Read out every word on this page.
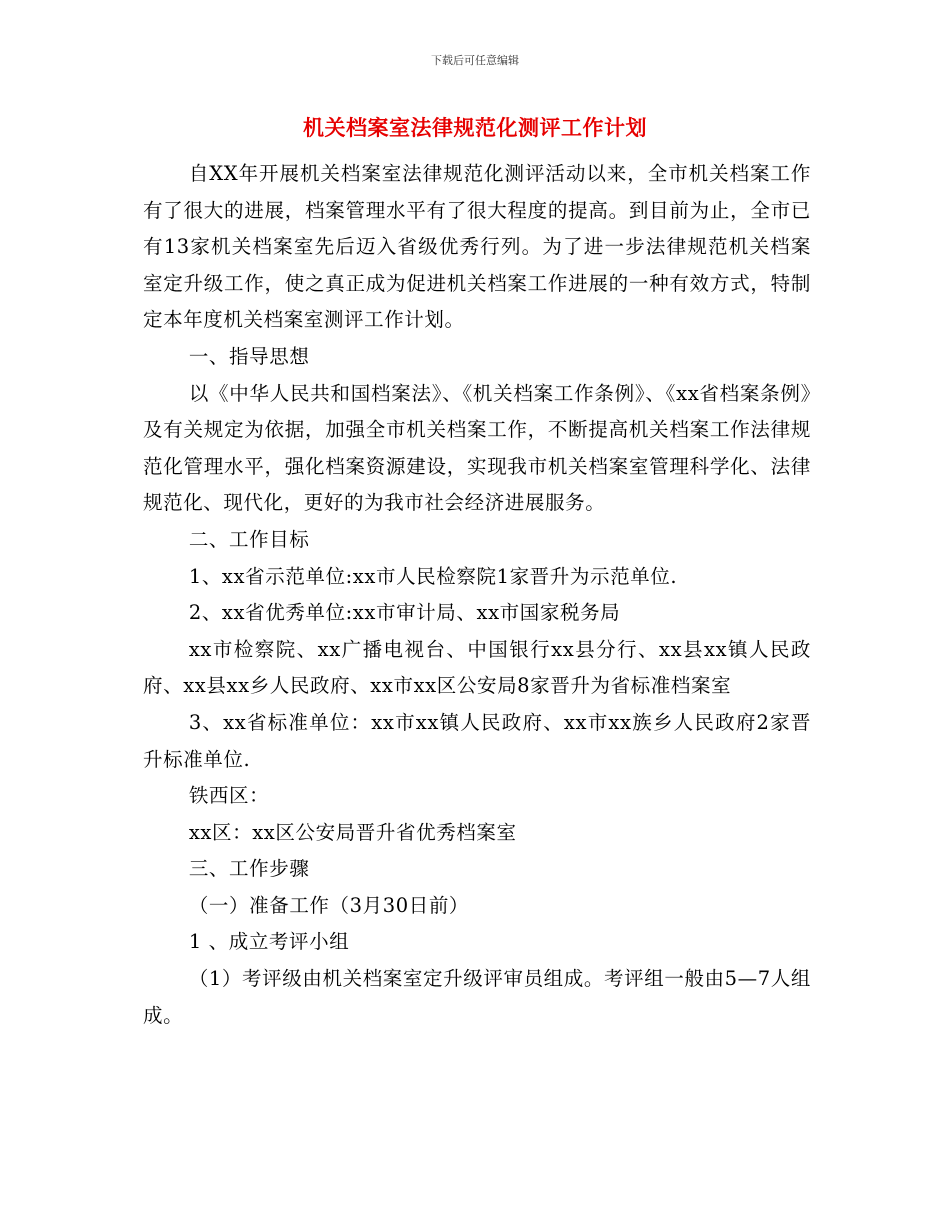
下载后可任意编辑
机关档案室法律规范化测评工作计划

自XX年开展机关档案室法律规范化测评活动以来，全市机关档案工作有了很大的进展，档案管理水平有了很大程度的提高。到目前为止，全市已有13家机关档案室先后迈入省级优秀行列。为了进一步法律规范机关档案室定升级工作，使之真正成为促进机关档案工作进展的一种有效方式，特制定本年度机关档案室测评工作计划。

一、指导思想

以《中华人民共和国档案法》、《机关档案工作条例》、《xx省档案条例》及有关规定为依据，加强全市机关档案工作，不断提高机关档案工作法律规范化管理水平，强化档案资源建设，实现我市机关档案室管理科学化、法律规范化、现代化，更好的为我市社会经济进展服务。

二、工作目标

1、xx省示范单位:xx市人民检察院1家晋升为示范单位.

2、xx省优秀单位:xx市审计局、xx市国家税务局

xx市检察院、xx广播电视台、中国银行xx县分行、xx县xx镇人民政府、xx县xx乡人民政府、xx市xx区公安局8家晋升为省标准档案室

3、xx省标准单位：xx市xx镇人民政府、xx市xx族乡人民政府2家晋升标准单位.

铁西区：

xx区：xx区公安局晋升省优秀档案室

三、工作步骤

（一）准备工作（3月30日前）

1 、成立考评小组

（1）考评级由机关档案室定升级评审员组成。考评组一般由5—7人组成。
